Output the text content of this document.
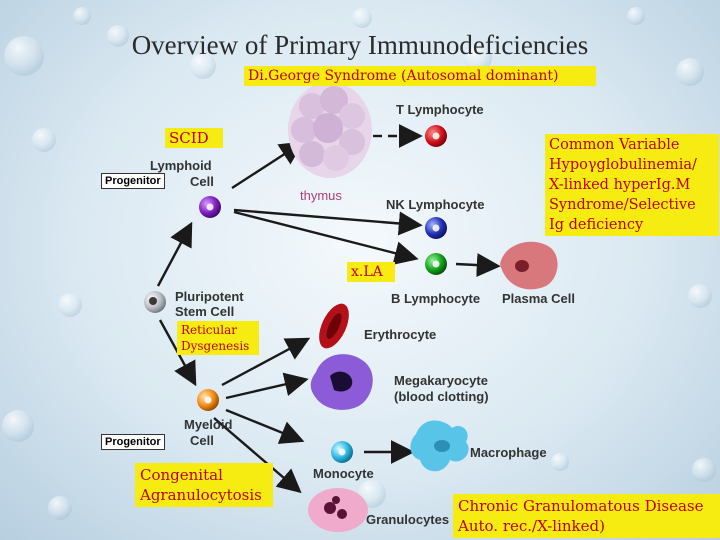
Overview of Primary Immunodeficiencies
Di.George Syndrome (Autosomal dominant)
SCID	Common Variable
Hypoγglobulinemia/
X-linked hyperIg.M
Syndrome/Selective
Ig deficiency
x.LA
Reticular
Dysgenesis
Congenital
Agranulocytosis
Chronic Granulomatous Disease
Auto. rec./X-linked)
Progenitor
Progenitor
T Lymphocyte
Lymphoid
Cell
thymus
NK Lymphocyte
Pluripotent
Stem Cell
B Lymphocyte Plasma Cell
Erythrocyte
Megakaryocyte
(blood clotting)
Myeloid
Cell
Macrophage
Monocyte
Granulocytes
